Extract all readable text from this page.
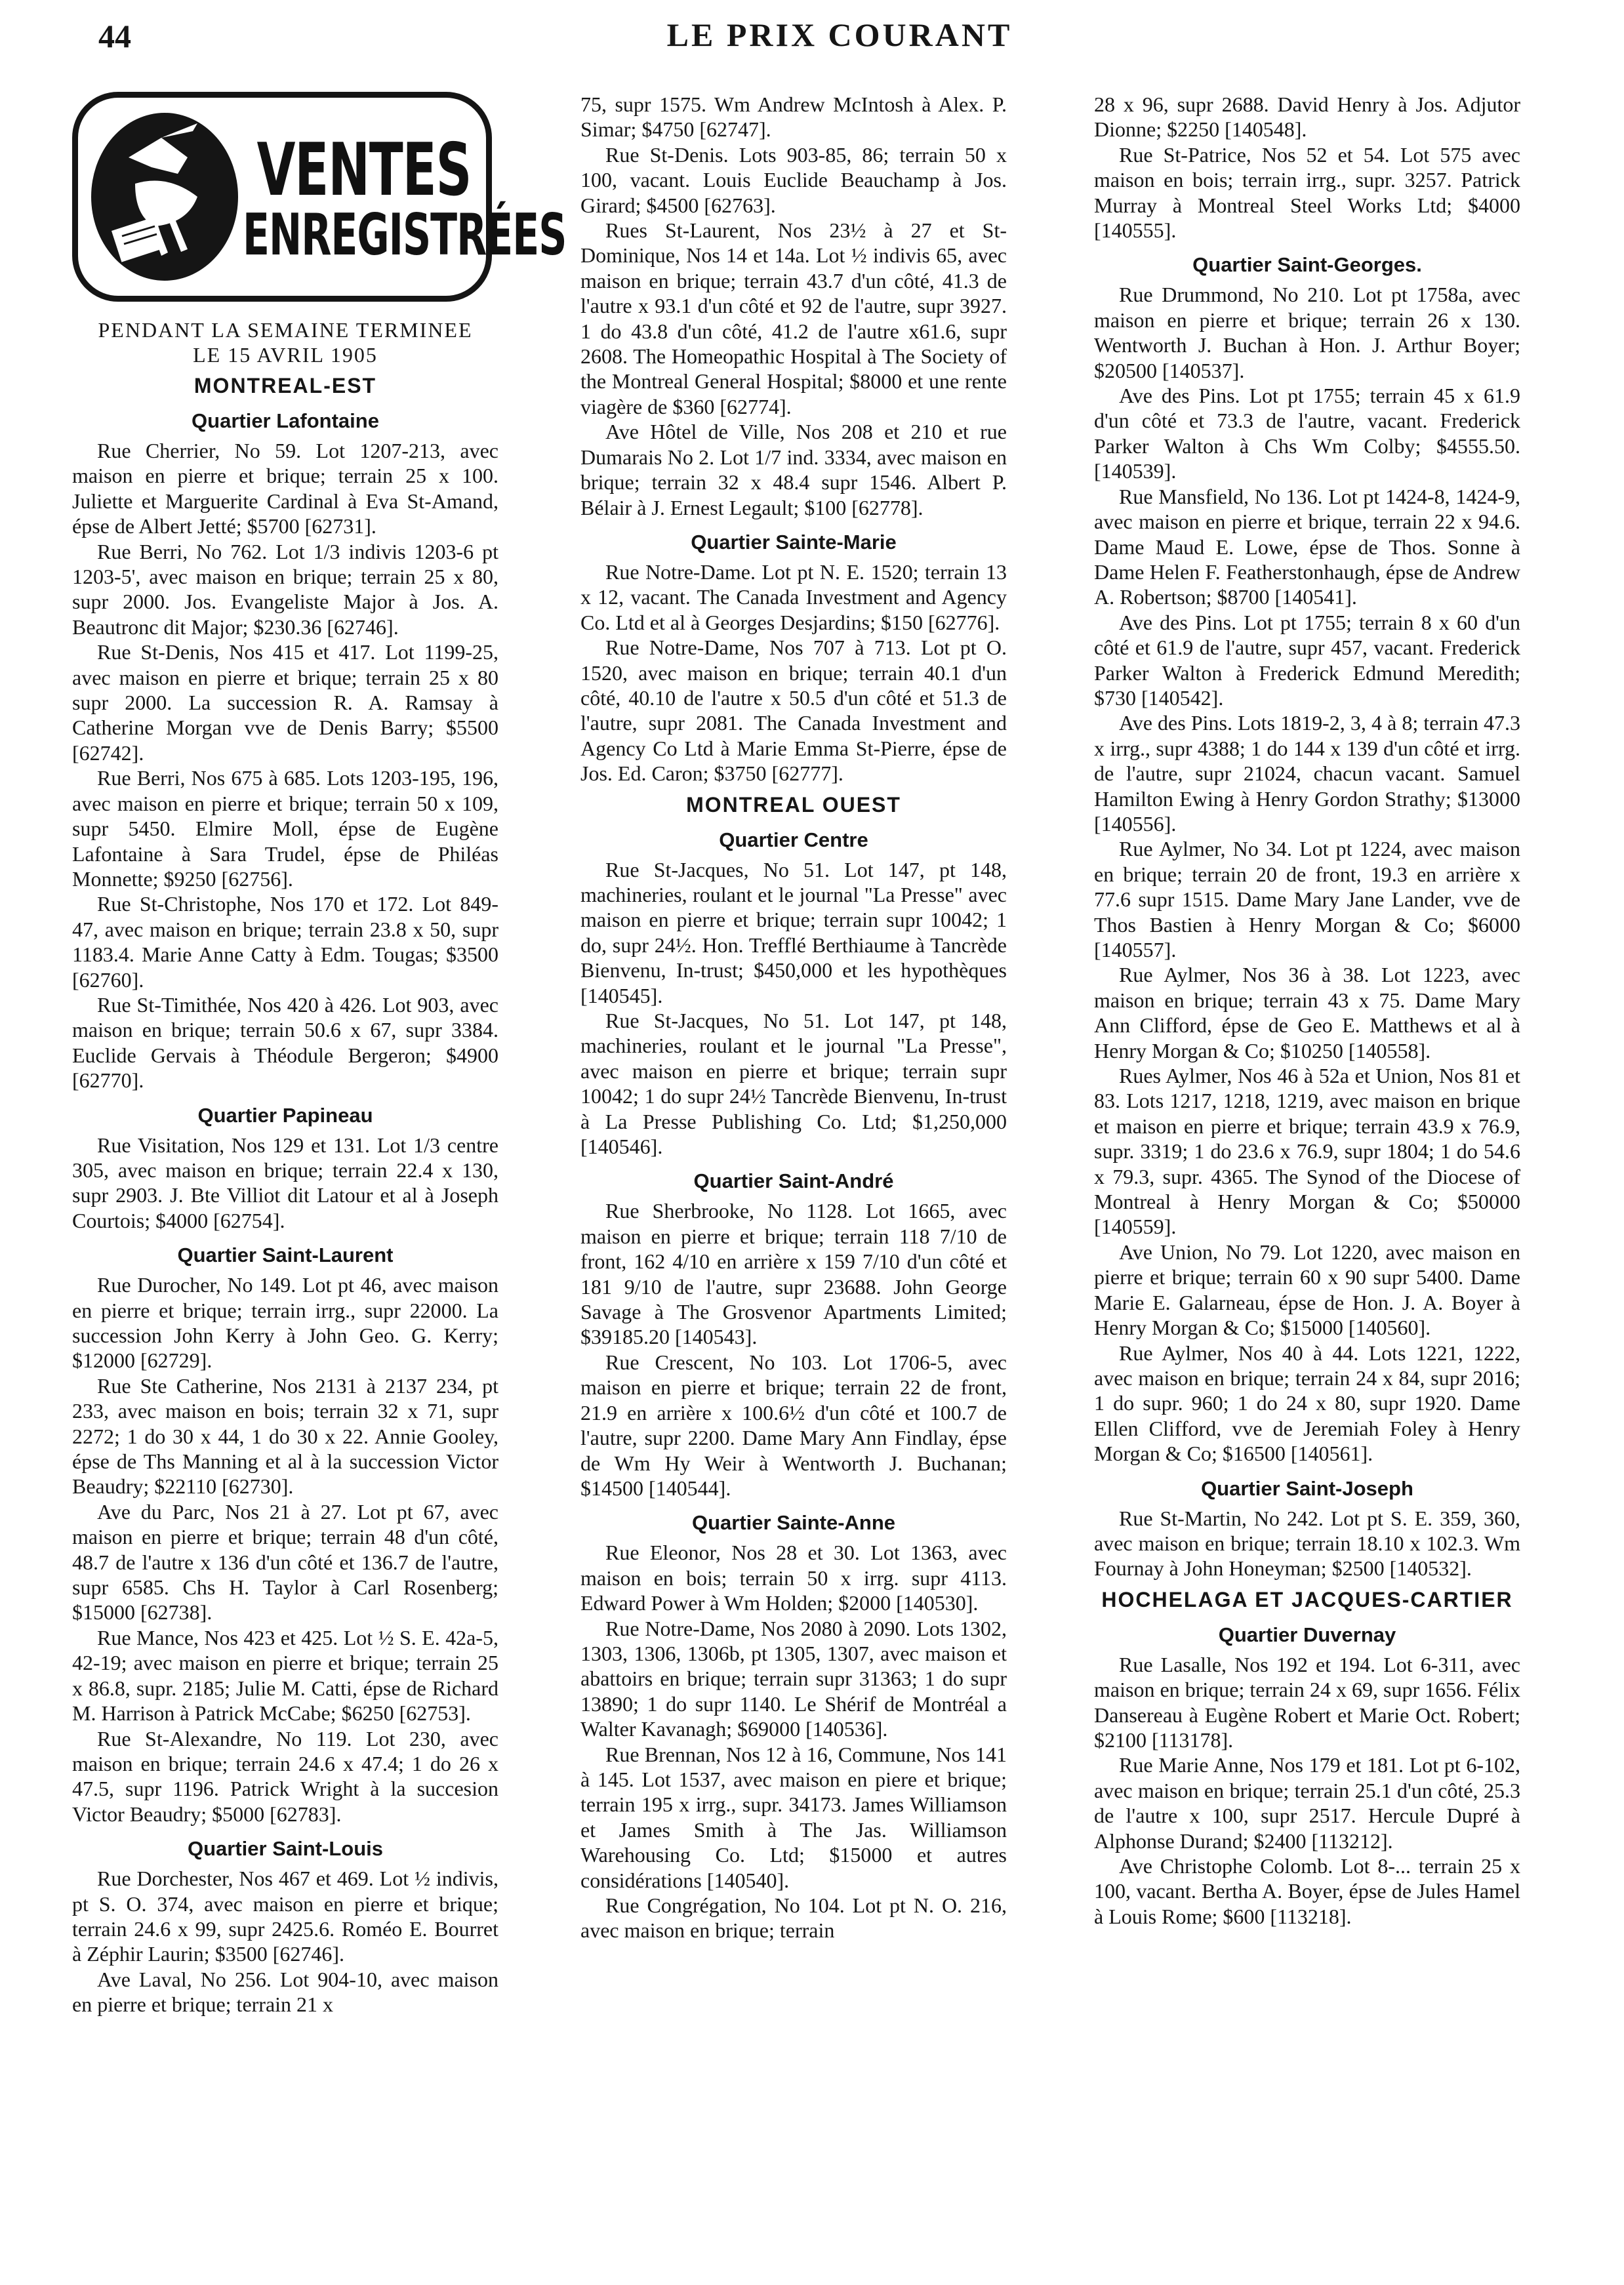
44	LE PRIX COURANT
VENTES
ENREGISTRÉES

PENDANT LA SEMAINE TERMINEE

LE 15 AVRIL 1905

MONTREAL-EST

Quartier Lafontaine

Rue Cherrier, No 59. Lot 1207-213, avec maison en pierre et brique; terrain 25 x 100. Juliette et Marguerite Cardinal à Eva St-Amand, épse de Albert Jetté; $5700 [62731].

Rue Berri, No 762. Lot 1/3 indivis 1203-6 pt 1203-5', avec maison en brique; terrain 25 x 80, supr 2000. Jos. Evangeliste Major à Jos. A. Beautronc dit Major; $230.36 [62746].

Rue St-Denis, Nos 415 et 417. Lot 1199-25, avec maison en pierre et brique; terrain 25 x 80 supr 2000. La succession R. A. Ramsay à Catherine Morgan vve de Denis Barry; $5500 [62742].

Rue Berri, Nos 675 à 685. Lots 1203-195, 196, avec maison en pierre et brique; terrain 50 x 109, supr 5450. Elmire Moll, épse de Eugène Lafontaine à Sara Trudel, épse de Philéas Monnette; $9250 [62756].

Rue St-Christophe, Nos 170 et 172. Lot 849-47, avec maison en brique; terrain 23.8 x 50, supr 1183.4. Marie Anne Catty à Edm. Tougas; $3500 [62760].

Rue St-Timithée, Nos 420 à 426. Lot 903, avec maison en brique; terrain 50.6 x 67, supr 3384. Euclide Gervais à Théodule Bergeron; $4900 [62770].

Quartier Papineau

Rue Visitation, Nos 129 et 131. Lot 1/3 centre 305, avec maison en brique; terrain 22.4 x 130, supr 2903. J. Bte Villiot dit Latour et al à Joseph Courtois; $4000 [62754].

Quartier Saint-Laurent

Rue Durocher, No 149. Lot pt 46, avec maison en pierre et brique; terrain irrg., supr 22000. La succession John Kerry à John Geo. G. Kerry; $12000 [62729].

Rue Ste Catherine, Nos 2131 à 2137 234, pt 233, avec maison en bois; terrain 32 x 71, supr 2272; 1 do 30 x 44, 1 do 30 x 22. Annie Gooley, épse de Ths Manning et al à la succession Victor Beaudry; $22110 [62730].

Ave du Parc, Nos 21 à 27. Lot pt 67, avec maison en pierre et brique; terrain 48 d'un côté, 48.7 de l'autre x 136 d'un côté et 136.7 de l'autre, supr 6585. Chs H. Taylor à Carl Rosenberg; $15000 [62738].

Rue Mance, Nos 423 et 425. Lot ½ S. E. 42a-5, 42-19; avec maison en pierre et brique; terrain 25 x 86.8, supr. 2185; Julie M. Catti, épse de Richard M. Harrison à Patrick McCabe; $6250 [62753].

Rue St-Alexandre, No 119. Lot 230, avec maison en brique; terrain 24.6 x 47.4; 1 do 26 x 47.5, supr 1196. Patrick Wright à la succesion Victor Beaudry; $5000 [62783].

Quartier Saint-Louis

Rue Dorchester, Nos 467 et 469. Lot ½ indivis, pt S. O. 374, avec maison en pierre et brique; terrain 24.6 x 99, supr 2425.6. Roméo E. Bourret à Zéphir Laurin; $3500 [62746].

Ave Laval, No 256. Lot 904-10, avec maison en pierre et brique; terrain 21 x

75, supr 1575. Wm Andrew McIntosh à Alex. P. Simar; $4750 [62747].

Rue St-Denis. Lots 903-85, 86; terrain 50 x 100, vacant. Louis Euclide Beauchamp à Jos. Girard; $4500 [62763].

Rues St-Laurent, Nos 23½ à 27 et St-Dominique, Nos 14 et 14a. Lot ½ indivis 65, avec maison en brique; terrain 43.7 d'un côté, 41.3 de l'autre x 93.1 d'un côté et 92 de l'autre, supr 3927. 1 do 43.8 d'un côté, 41.2 de l'autre x61.6, supr 2608. The Homeopathic Hospital à The Society of the Montreal General Hospital; $8000 et une rente viagère de $360 [62774].

Ave Hôtel de Ville, Nos 208 et 210 et rue Dumarais No 2. Lot 1/7 ind. 3334, avec maison en brique; terrain 32 x 48.4 supr 1546. Albert P. Bélair à J. Ernest Legault; $100 [62778].

Quartier Sainte-Marie

Rue Notre-Dame. Lot pt N. E. 1520; terrain 13 x 12, vacant. The Canada Investment and Agency Co. Ltd et al à Georges Desjardins; $150 [62776].

Rue Notre-Dame, Nos 707 à 713. Lot pt O. 1520, avec maison en brique; terrain 40.1 d'un côté, 40.10 de l'autre x 50.5 d'un côté et 51.3 de l'autre, supr 2081. The Canada Investment and Agency Co Ltd à Marie Emma St-Pierre, épse de Jos. Ed. Caron; $3750 [62777].

MONTREAL OUEST

Quartier Centre

Rue St-Jacques, No 51. Lot 147, pt 148, machineries, roulant et le journal "La Presse" avec maison en pierre et brique; terrain supr 10042; 1 do, supr 24½. Hon. Trefflé Berthiaume à Tancrède Bienvenu, In-trust; $450,000 et les hypothèques [140545].

Rue St-Jacques, No 51. Lot 147, pt 148, machineries, roulant et le journal "La Presse", avec maison en pierre et brique; terrain supr 10042; 1 do supr 24½ Tancrède Bienvenu, In-trust à La Presse Publishing Co. Ltd; $1,250,000 [140546].

Quartier Saint-André

Rue Sherbrooke, No 1128. Lot 1665, avec maison en pierre et brique; terrain 118 7/10 de front, 162 4/10 en arrière x 159 7/10 d'un côté et 181 9/10 de l'autre, supr 23688. John George Savage à The Grosvenor Apartments Limited; $39185.20 [140543].

Rue Crescent, No 103. Lot 1706-5, avec maison en pierre et brique; terrain 22 de front, 21.9 en arrière x 100.6½ d'un côté et 100.7 de l'autre, supr 2200. Dame Mary Ann Findlay, épse de Wm Hy Weir à Wentworth J. Buchanan; $14500 [140544].

Quartier Sainte-Anne

Rue Eleonor, Nos 28 et 30. Lot 1363, avec maison en bois; terrain 50 x irrg. supr 4113. Edward Power à Wm Holden; $2000 [140530].

Rue Notre-Dame, Nos 2080 à 2090. Lots 1302, 1303, 1306, 1306b, pt 1305, 1307, avec maison et abattoirs en brique; terrain supr 31363; 1 do supr 13890; 1 do supr 1140. Le Shérif de Montréal a Walter Kavanagh; $69000 [140536].

Rue Brennan, Nos 12 à 16, Commune, Nos 141 à 145. Lot 1537, avec maison en piere et brique; terrain 195 x irrg., supr. 34173. James Williamson et James Smith à The Jas. Williamson Warehousing Co. Ltd; $15000 et autres considérations [140540].

Rue Congrégation, No 104. Lot pt N. O. 216, avec maison en brique; terrain

28 x 96, supr 2688. David Henry à Jos. Adjutor Dionne; $2250 [140548].

Rue St-Patrice, Nos 52 et 54. Lot 575 avec maison en bois; terrain irrg., supr. 3257. Patrick Murray à Montreal Steel Works Ltd; $4000 [140555].

Quartier Saint-Georges.

Rue Drummond, No 210. Lot pt 1758a, avec maison en pierre et brique; terrain 26 x 130. Wentworth J. Buchan à Hon. J. Arthur Boyer; $20500 [140537].

Ave des Pins. Lot pt 1755; terrain 45 x 61.9 d'un côté et 73.3 de l'autre, vacant. Frederick Parker Walton à Chs Wm Colby; $4555.50. [140539].

Rue Mansfield, No 136. Lot pt 1424-8, 1424-9, avec maison en pierre et brique, terrain 22 x 94.6. Dame Maud E. Lowe, épse de Thos. Sonne à Dame Helen F. Featherstonhaugh, épse de Andrew A. Robertson; $8700 [140541].

Ave des Pins. Lot pt 1755; terrain 8 x 60 d'un côté et 61.9 de l'autre, supr 457, vacant. Frederick Parker Walton à Frederick Edmund Meredith; $730 [140542].

Ave des Pins. Lots 1819-2, 3, 4 à 8; terrain 47.3 x irrg., supr 4388; 1 do 144 x 139 d'un côté et irrg. de l'autre, supr 21024, chacun vacant. Samuel Hamilton Ewing à Henry Gordon Strathy; $13000 [140556].

Rue Aylmer, No 34. Lot pt 1224, avec maison en brique; terrain 20 de front, 19.3 en arrière x 77.6 supr 1515. Dame Mary Jane Lander, vve de Thos Bastien à Henry Morgan & Co; $6000 [140557].

Rue Aylmer, Nos 36 à 38. Lot 1223, avec maison en brique; terrain 43 x 75. Dame Mary Ann Clifford, épse de Geo E. Matthews et al à Henry Morgan & Co; $10250 [140558].

Rues Aylmer, Nos 46 à 52a et Union, Nos 81 et 83. Lots 1217, 1218, 1219, avec maison en brique et maison en pierre et brique; terrain 43.9 x 76.9, supr. 3319; 1 do 23.6 x 76.9, supr 1804; 1 do 54.6 x 79.3, supr. 4365. The Synod of the Diocese of Montreal à Henry Morgan & Co; $50000 [140559].

Ave Union, No 79. Lot 1220, avec maison en pierre et brique; terrain 60 x 90 supr 5400. Dame Marie E. Galarneau, épse de Hon. J. A. Boyer à Henry Morgan & Co; $15000 [140560].

Rue Aylmer, Nos 40 à 44. Lots 1221, 1222, avec maison en brique; terrain 24 x 84, supr 2016; 1 do supr. 960; 1 do 24 x 80, supr 1920. Dame Ellen Clifford, vve de Jeremiah Foley à Henry Morgan & Co; $16500 [140561].

Quartier Saint-Joseph

Rue St-Martin, No 242. Lot pt S. E. 359, 360, avec maison en brique; terrain 18.10 x 102.3. Wm Fournay à John Honeyman; $2500 [140532].

HOCHELAGA ET JACQUES-CARTIER

Quartier Duvernay

Rue Lasalle, Nos 192 et 194. Lot 6-311, avec maison en brique; terrain 24 x 69, supr 1656. Félix Dansereau à Eugène Robert et Marie Oct. Robert; $2100 [113178].

Rue Marie Anne, Nos 179 et 181. Lot pt 6-102, avec maison en brique; terrain 25.1 d'un côté, 25.3 de l'autre x 100, supr 2517. Hercule Dupré à Alphonse Durand; $2400 [113212].

Ave Christophe Colomb. Lot 8-... terrain 25 x 100, vacant. Bertha A. Boyer, épse de Jules Hamel à Louis Rome; $600 [113218].
